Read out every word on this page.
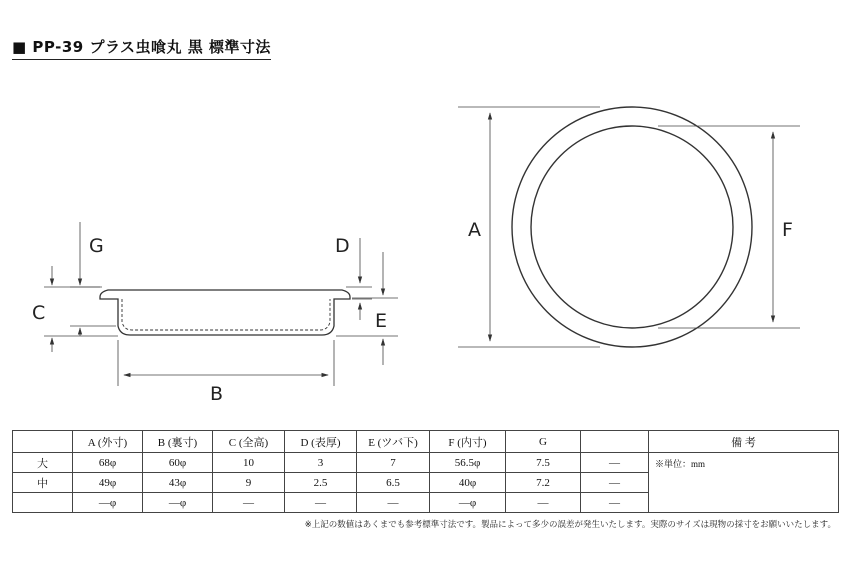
■ PP-39 プラス虫喰丸 黒 標準寸法
G
C
D
E
B
A	F
	A (外寸)	B (裏寸)	C (全高)	D (表厚)	E (ツバ下)	F (内寸)	G		備 考
大	68φ	60φ	10	3	7	56.5φ	7.5	—	※単位：mm
中	49φ	43φ	9	2.5	6.5	40φ	7.2	—	
	—φ	—φ	—	—	—	—φ	—	—	
※上記の数値はあくまでも参考標準寸法です。製品によって多少の誤差が発生いたします。実際のサイズは現物の採寸をお願いいたします。
